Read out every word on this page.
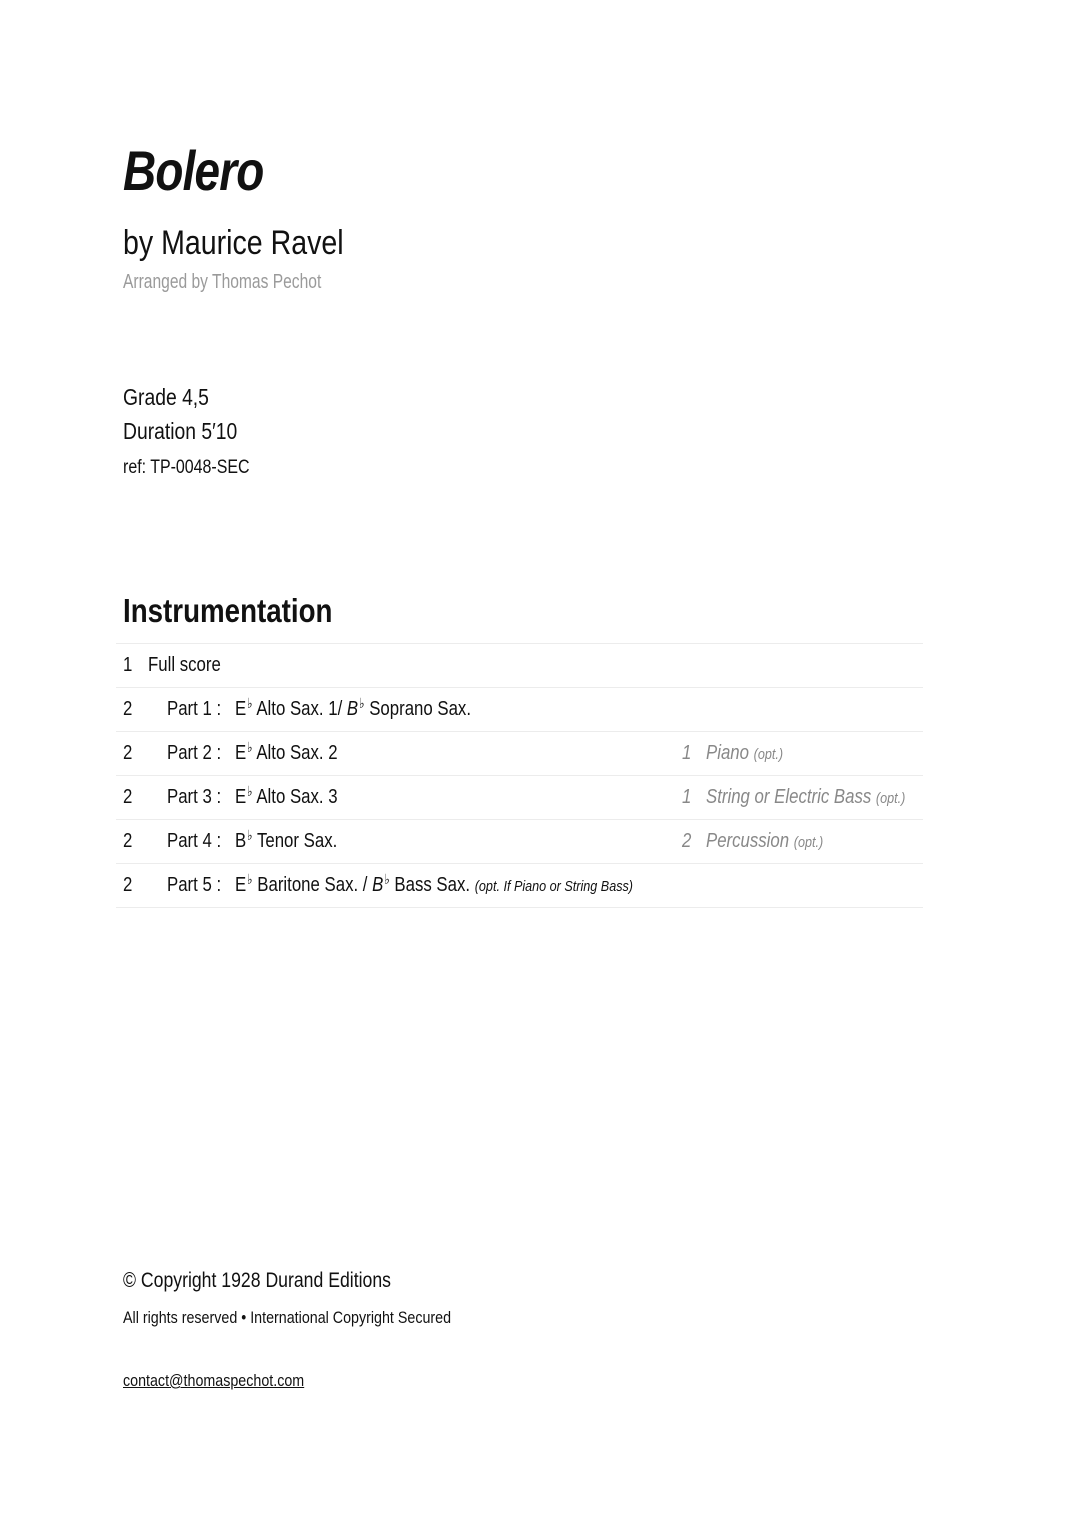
Bolero
by Maurice Ravel
Arranged by Thomas Pechot
Grade 4,5
Duration 5′10
ref: TP-0048-SEC
Instrumentation
1 Full score
2 Part 1 : E♭ Alto Sax. 1/ B♭ Soprano Sax.
2 Part 2 : E♭ Alto Sax. 2	1 Piano (opt.)
2 Part 3 : E♭ Alto Sax. 3	1 String or Electric Bass (opt.)
2 Part 4 : B♭ Tenor Sax.	2 Percussion (opt.)
2 Part 5 : E♭ Baritone Sax. / B♭ Bass Sax. (opt. If Piano or String Bass)
© Copyright 1928 Durand Editions
All rights reserved • International Copyright Secured
contact@thomaspechot.com
